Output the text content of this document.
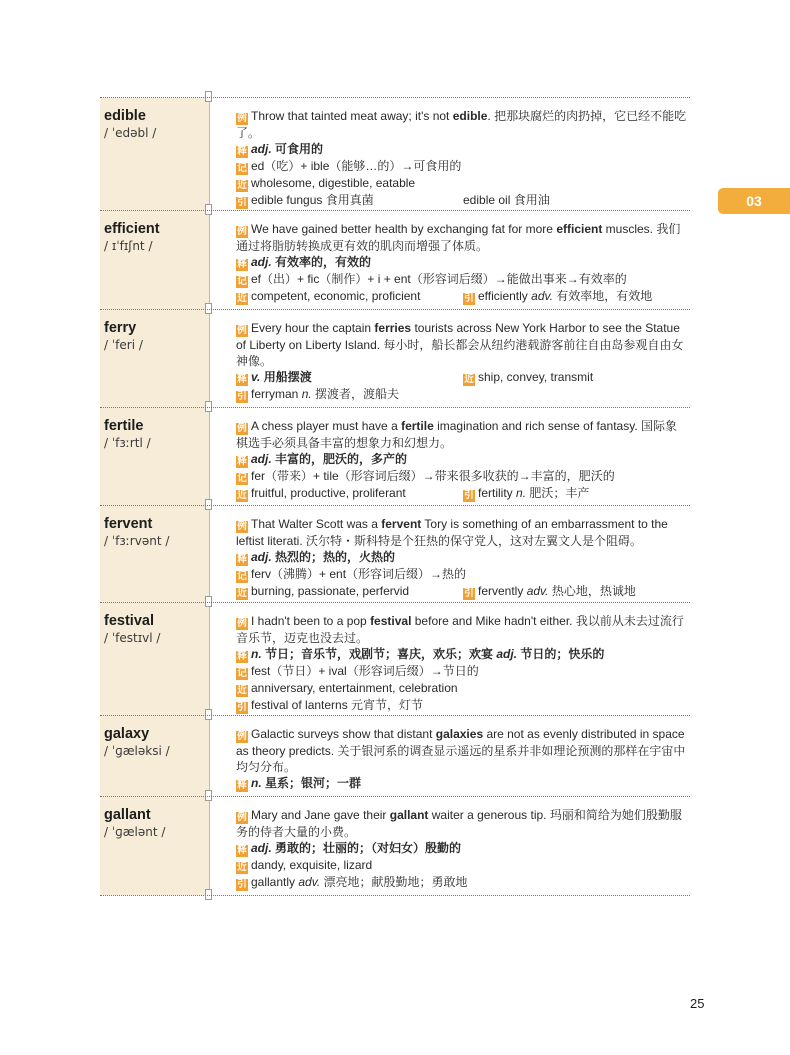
03
edible
/ ˈedəbl /
例 Throw that tainted meat away; it's not edible. 把那块腐烂的肉扔掉，它已经不能吃了。
释 adj. 可食用的
记 ed（吃）+ ible（能够…的）→可食用的
近 wholesome, digestible, eatable
引 edible fungus 食用真菌	edible oil 食用油
efficient
/ ɪˈfɪʃnt /
例 We have gained better health by exchanging fat for more efficient muscles. 我们通过将脂肪转换成更有效的肌肉而增强了体质。
释 adj. 有效率的，有效的
记 ef（出）+ fic（制作）+ i + ent（形容词后缀）→能做出事来→有效率的
近 competent, economic, proficient	引 efficiently adv. 有效率地，有效地
ferry
/ ˈferi /
例 Every hour the captain ferries tourists across New York Harbor to see the Statue of Liberty on Liberty Island. 每小时，船长都会从纽约港载游客前往自由岛参观自由女神像。
释 v. 用船摆渡	近 ship, convey, transmit
引 ferryman n. 摆渡者，渡船夫
fertile
/ ˈfɜːrtl /
例 A chess player must have a fertile imagination and rich sense of fantasy. 国际象棋选手必须具备丰富的想象力和幻想力。
释 adj. 丰富的，肥沃的，多产的
记 fer（带来）+ tile（形容词后缀）→带来很多收获的→丰富的，肥沃的
近 fruitful, productive, proliferant	引 fertility n. 肥沃；丰产
fervent
/ ˈfɜːrvənt /
例 That Walter Scott was a fervent Tory is something of an embarrassment to the leftist literati. 沃尔特・斯科特是个狂热的保守党人，这对左翼文人是个阻碍。
释 adj. 热烈的；热的，火热的
记 ferv（沸腾）+ ent（形容词后缀）→热的
近 burning, passionate, perfervid	引 fervently adv. 热心地，热诚地
festival
/ ˈfestɪvl /
例 I hadn't been to a pop festival before and Mike hadn't either. 我以前从未去过流行音乐节，迈克也没去过。
释 n. 节日；音乐节，戏剧节；喜庆，欢乐；欢宴 adj. 节日的；快乐的
记 fest（节日）+ ival（形容词后缀）→节日的
近 anniversary, entertainment, celebration
引 festival of lanterns 元宵节，灯节
galaxy
/ ˈɡæləksi /
例 Galactic surveys show that distant galaxies are not as evenly distributed in space as theory predicts. 关于银河系的调查显示遥远的星系并非如理论预测的那样在宇宙中均匀分布。
释 n. 星系；银河；一群
gallant
/ ˈɡælənt /
例 Mary and Jane gave their gallant waiter a generous tip. 玛丽和简给为她们殷勤服务的侍者大量的小费。
释 adj. 勇敢的；壮丽的；（对妇女）殷勤的
近 dandy, exquisite, lizard
引 gallantly adv. 漂亮地；献殷勤地；勇敢地
25
